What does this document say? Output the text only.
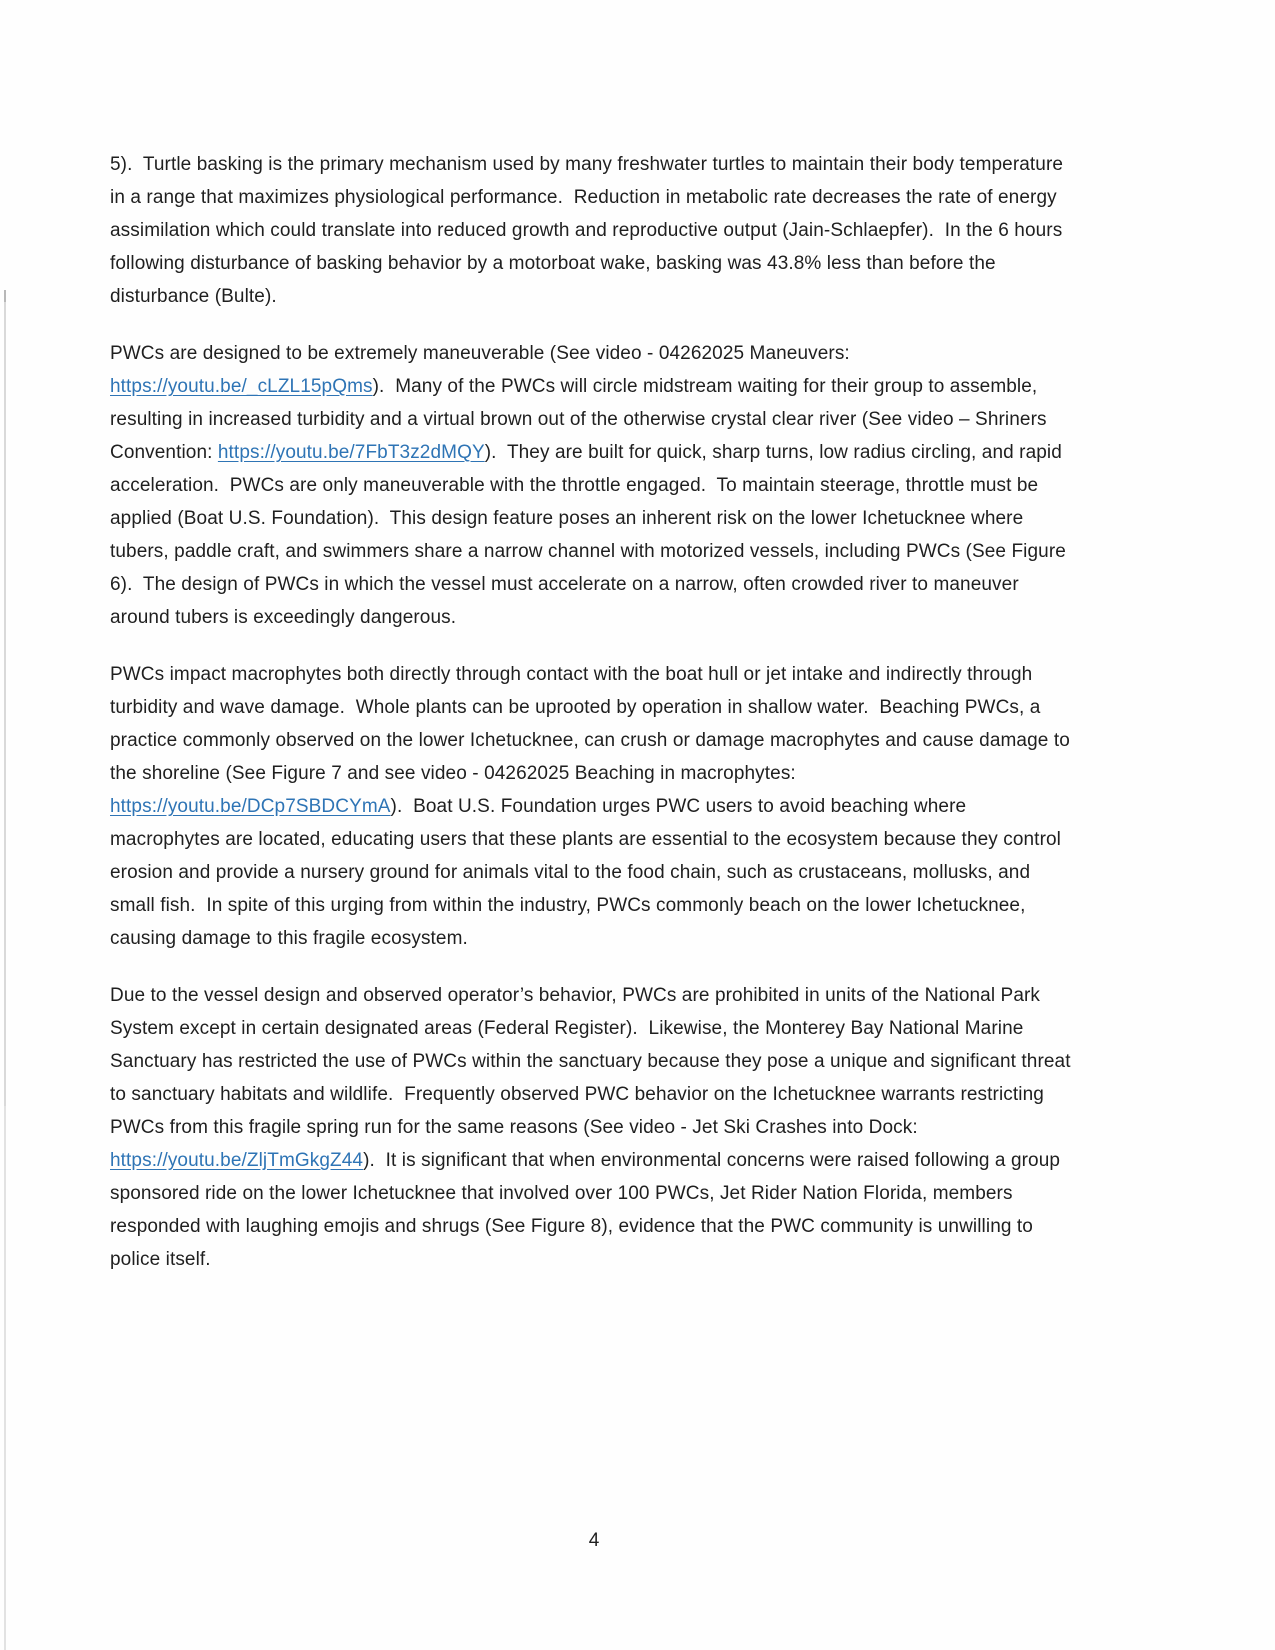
5).  Turtle basking is the primary mechanism used by many freshwater turtles to maintain their body temperature in a range that maximizes physiological performance.  Reduction in metabolic rate decreases the rate of energy assimilation which could translate into reduced growth and reproductive output (Jain-Schlaepfer).  In the 6 hours following disturbance of basking behavior by a motorboat wake, basking was 43.8% less than before the disturbance (Bulte).

PWCs are designed to be extremely maneuverable (See video - 04262025 Maneuvers: https://youtu.be/_cLZL15pQms).  Many of the PWCs will circle midstream waiting for their group to assemble, resulting in increased turbidity and a virtual brown out of the otherwise crystal clear river (See video – Shriners Convention: https://youtu.be/7FbT3z2dMQY).  They are built for quick, sharp turns, low radius circling, and rapid acceleration.  PWCs are only maneuverable with the throttle engaged.  To maintain steerage, throttle must be applied (Boat U.S. Foundation).  This design feature poses an inherent risk on the lower Ichetucknee where tubers, paddle craft, and swimmers share a narrow channel with motorized vessels, including PWCs (See Figure 6).  The design of PWCs in which the vessel must accelerate on a narrow, often crowded river to maneuver around tubers is exceedingly dangerous.

PWCs impact macrophytes both directly through contact with the boat hull or jet intake and indirectly through turbidity and wave damage.  Whole plants can be uprooted by operation in shallow water.  Beaching PWCs, a practice commonly observed on the lower Ichetucknee, can crush or damage macrophytes and cause damage to the shoreline (See Figure 7 and see video - 04262025 Beaching in macrophytes: https://youtu.be/DCp7SBDCYmA).  Boat U.S. Foundation urges PWC users to avoid beaching where macrophytes are located, educating users that these plants are essential to the ecosystem because they control erosion and provide a nursery ground for animals vital to the food chain, such as crustaceans, mollusks, and small fish.  In spite of this urging from within the industry, PWCs commonly beach on the lower Ichetucknee, causing damage to this fragile ecosystem.

Due to the vessel design and observed operator’s behavior, PWCs are prohibited in units of the National Park System except in certain designated areas (Federal Register).  Likewise, the Monterey Bay National Marine Sanctuary has restricted the use of PWCs within the sanctuary because they pose a unique and significant threat to sanctuary habitats and wildlife.  Frequently observed PWC behavior on the Ichetucknee warrants restricting PWCs from this fragile spring run for the same reasons (See video - Jet Ski Crashes into Dock: https://youtu.be/ZljTmGkgZ44).  It is significant that when environmental concerns were raised following a group sponsored ride on the lower Ichetucknee that involved over 100 PWCs, Jet Rider Nation Florida, members responded with laughing emojis and shrugs (See Figure 8), evidence that the PWC community is unwilling to police itself.

4
